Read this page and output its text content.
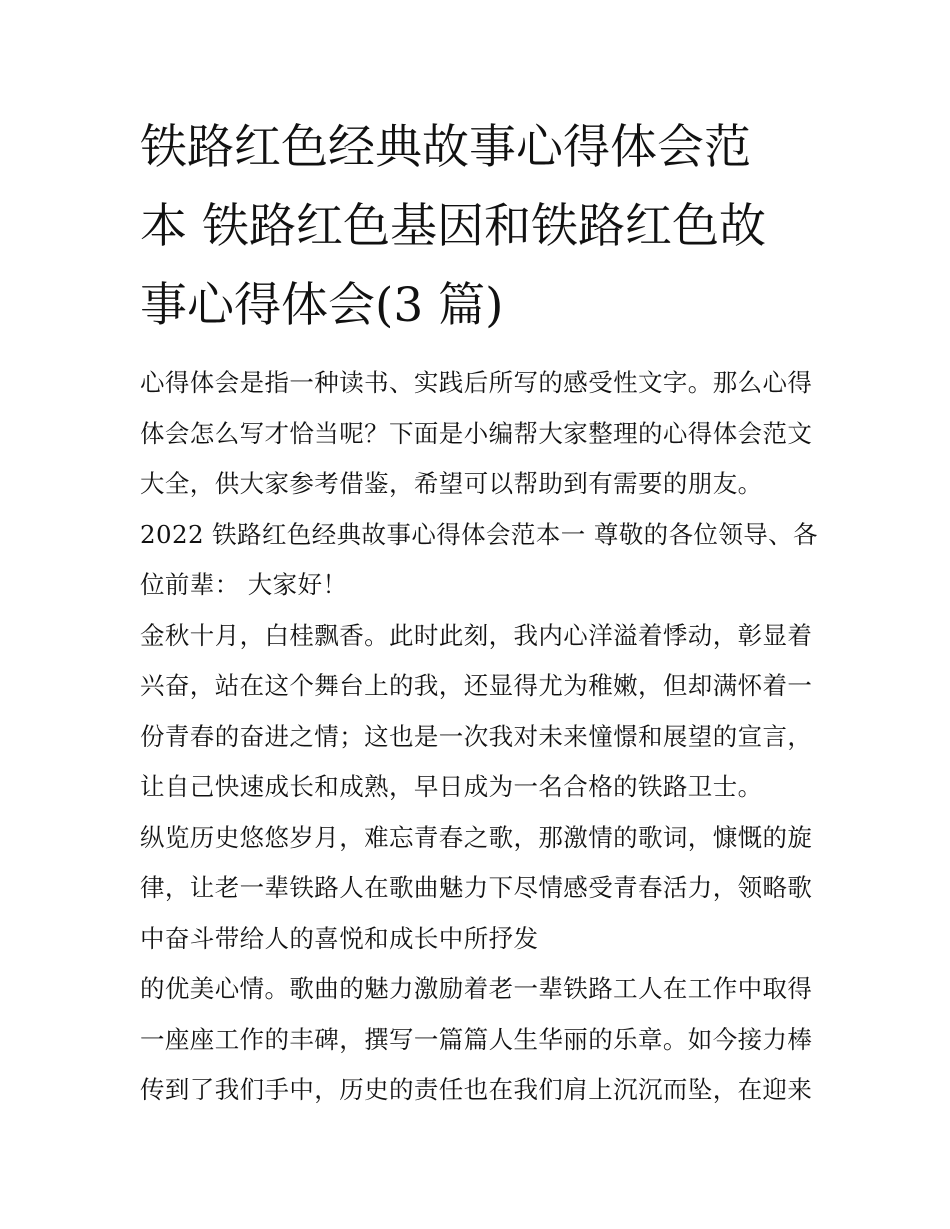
铁路红色经典故事心得体会范
本 铁路红色基因和铁路红色故
事心得体会(3 篇)
心得体会是指一种读书、实践后所写的感受性文字。那么心得
体会怎么写才恰当呢？下面是小编帮大家整理的心得体会范文
大全，供大家参考借鉴，希望可以帮助到有需要的朋友。
2022 铁路红色经典故事心得体会范本一 尊敬的各位领导、各
位前辈： 大家好！
金秋十月，白桂飘香。此时此刻，我内心洋溢着悸动，彰显着
兴奋，站在这个舞台上的我，还显得尤为稚嫩，但却满怀着一
份青春的奋进之情；这也是一次我对未来憧憬和展望的宣言，
让自己快速成长和成熟，早日成为一名合格的铁路卫士。
纵览历史悠悠岁月，难忘青春之歌，那激情的歌词，慷慨的旋
律，让老一辈铁路人在歌曲魅力下尽情感受青春活力，领略歌
中奋斗带给人的喜悦和成长中所抒发
的优美心情。歌曲的魅力激励着老一辈铁路工人在工作中取得
一座座工作的丰碑，撰写一篇篇人生华丽的乐章。如今接力棒
传到了我们手中，历史的责任也在我们肩上沉沉而坠，在迎来
